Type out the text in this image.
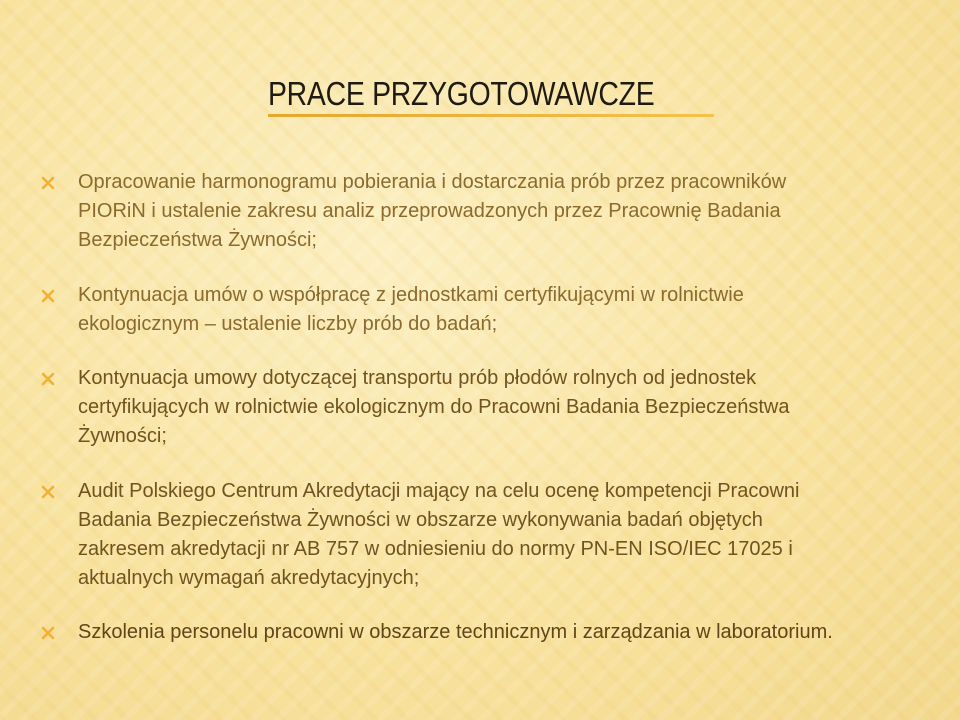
PRACE PRZYGOTOWAWCZE
Opracowanie harmonogramu pobierania i dostarczania prób przez pracowników
PIORiN i ustalenie zakresu analiz przeprowadzonych przez Pracownię Badania
Bezpieczeństwa Żywności;
Kontynuacja umów o współpracę z jednostkami certyfikującymi w rolnictwie
ekologicznym – ustalenie liczby prób do badań;
Kontynuacja umowy dotyczącej transportu prób płodów rolnych od jednostek
certyfikujących w rolnictwie ekologicznym do Pracowni Badania Bezpieczeństwa
Żywności;
Audit Polskiego Centrum Akredytacji mający na celu ocenę kompetencji Pracowni
Badania Bezpieczeństwa Żywności w obszarze wykonywania badań objętych
zakresem akredytacji nr AB 757 w odniesieniu do normy PN-EN ISO/IEC 17025 i
aktualnych wymagań akredytacyjnych;
Szkolenia personelu pracowni w obszarze technicznym i zarządzania w laboratorium.
